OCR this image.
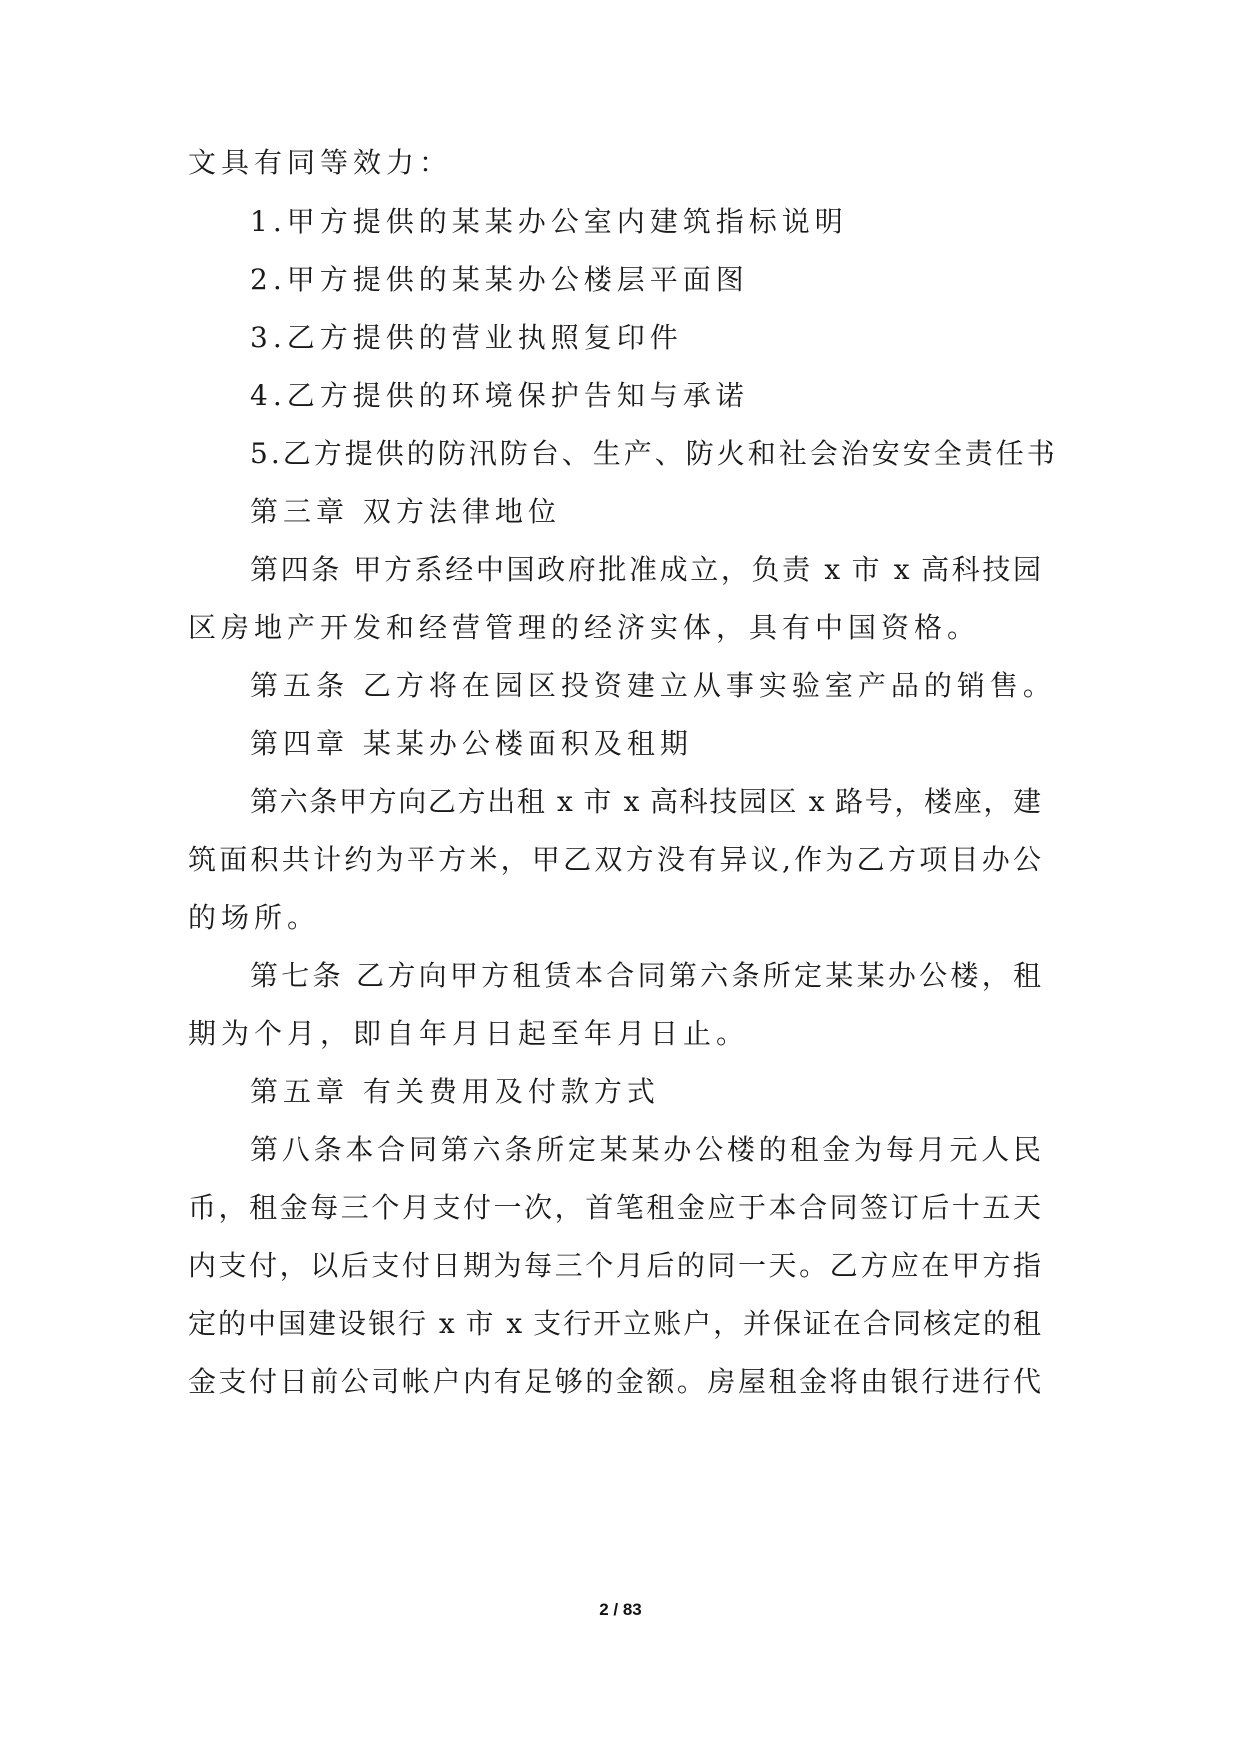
文具有同等效力：
1.甲方提供的某某办公室内建筑指标说明
2.甲方提供的某某办公楼层平面图
3.乙方提供的营业执照复印件
4.乙方提供的环境保护告知与承诺
5.乙方提供的防汛防台、生产、防火和社会治安安全责任书
第三章 双方法律地位
第四条 甲方系经中国政府批准成立，负责 x 市 x 高科技园
区房地产开发和经营管理的经济实体，具有中国资格。
第五条 乙方将在园区投资建立从事实验室产品的销售。
第四章 某某办公楼面积及租期
第六条甲方向乙方出租 x 市 x 高科技园区 x 路号，楼座，建
筑面积共计约为平方米，甲乙双方没有异议,作为乙方项目办公
的场所。
第七条 乙方向甲方租赁本合同第六条所定某某办公楼，租
期为个月，即自年月日起至年月日止。
第五章 有关费用及付款方式
第八条本合同第六条所定某某办公楼的租金为每月元人民
币，租金每三个月支付一次，首笔租金应于本合同签订后十五天
内支付，以后支付日期为每三个月后的同一天。乙方应在甲方指
定的中国建设银行 x 市 x 支行开立账户，并保证在合同核定的租
金支付日前公司帐户内有足够的金额。房屋租金将由银行进行代
2 / 83
